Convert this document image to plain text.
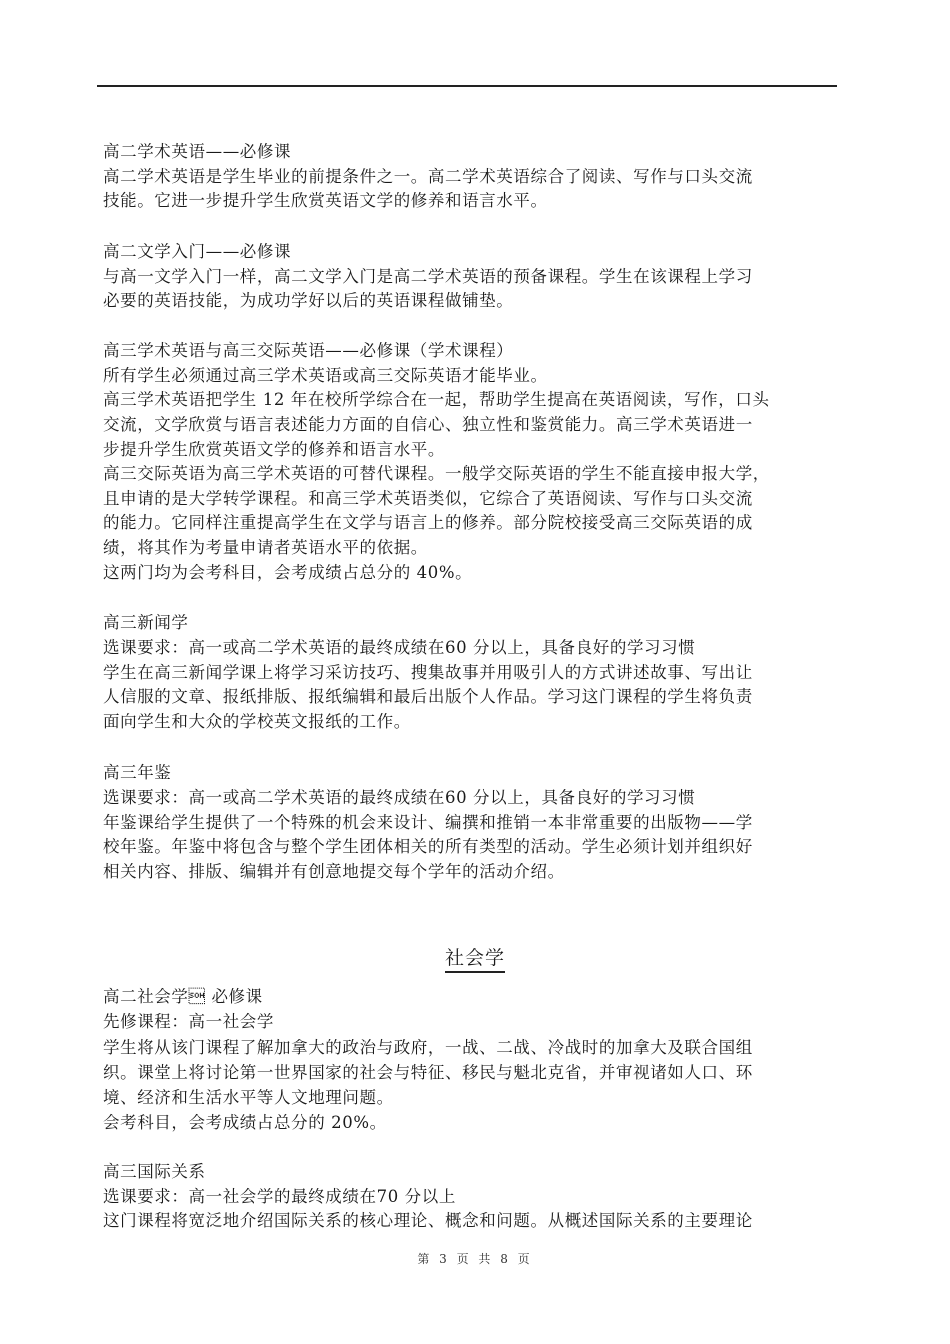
高二学术英语——必修课

高二学术英语是学生毕业的前提条件之一。高二学术英语综合了阅读、写作与口头交流

技能。它进一步提升学生欣赏英语文学的修养和语言水平。

高二文学入门——必修课

与高一文学入门一样，高二文学入门是高二学术英语的预备课程。学生在该课程上学习

必要的英语技能，为成功学好以后的英语课程做铺垫。

高三学术英语与高三交际英语——必修课（学术课程）

所有学生必须通过高三学术英语或高三交际英语才能毕业。

高三学术英语把学生 12 年在校所学综合在一起，帮助学生提高在英语阅读，写作，口头

交流，文学欣赏与语言表述能力方面的自信心、独立性和鉴赏能力。高三学术英语进一

步提升学生欣赏英语文学的修养和语言水平。

高三交际英语为高三学术英语的可替代课程。一般学交际英语的学生不能直接申报大学，

且申请的是大学转学课程。和高三学术英语类似，它综合了英语阅读、写作与口头交流

的能力。它同样注重提高学生在文学与语言上的修养。部分院校接受高三交际英语的成

绩，将其作为考量申请者英语水平的依据。

这两门均为会考科目，会考成绩占总分的 40%。

高三新闻学

选课要求：高一或高二学术英语的最终成绩在60 分以上，具备良好的学习习惯

学生在高三新闻学课上将学习采访技巧、搜集故事并用吸引人的方式讲述故事、写出让

人信服的文章、报纸排版、报纸编辑和最后出版个人作品。学习这门课程的学生将负责

面向学生和大众的学校英文报纸的工作。

高三年鉴

选课要求：高一或高二学术英语的最终成绩在60 分以上，具备良好的学习习惯

年鉴课给学生提供了一个特殊的机会来设计、编撰和推销一本非常重要的出版物——学

校年鉴。年鉴中将包含与整个学生团体相关的所有类型的活动。学生必须计划并组织好

相关内容、排版、编辑并有创意地提交每个学年的活动介绍。

社会学

高二社会学 必修课

先修课程：高一社会学

学生将从该门课程了解加拿大的政治与政府，一战、二战、冷战时的加拿大及联合国组

织。课堂上将讨论第一世界国家的社会与特征、移民与魁北克省，并审视诸如人口、环

境、经济和生活水平等人文地理问题。

会考科目，会考成绩占总分的 20%。

高三国际关系

选课要求：高一社会学的最终成绩在70 分以上

这门课程将宽泛地介绍国际关系的核心理论、概念和问题。从概述国际关系的主要理论

第 3 页 共 8 页
